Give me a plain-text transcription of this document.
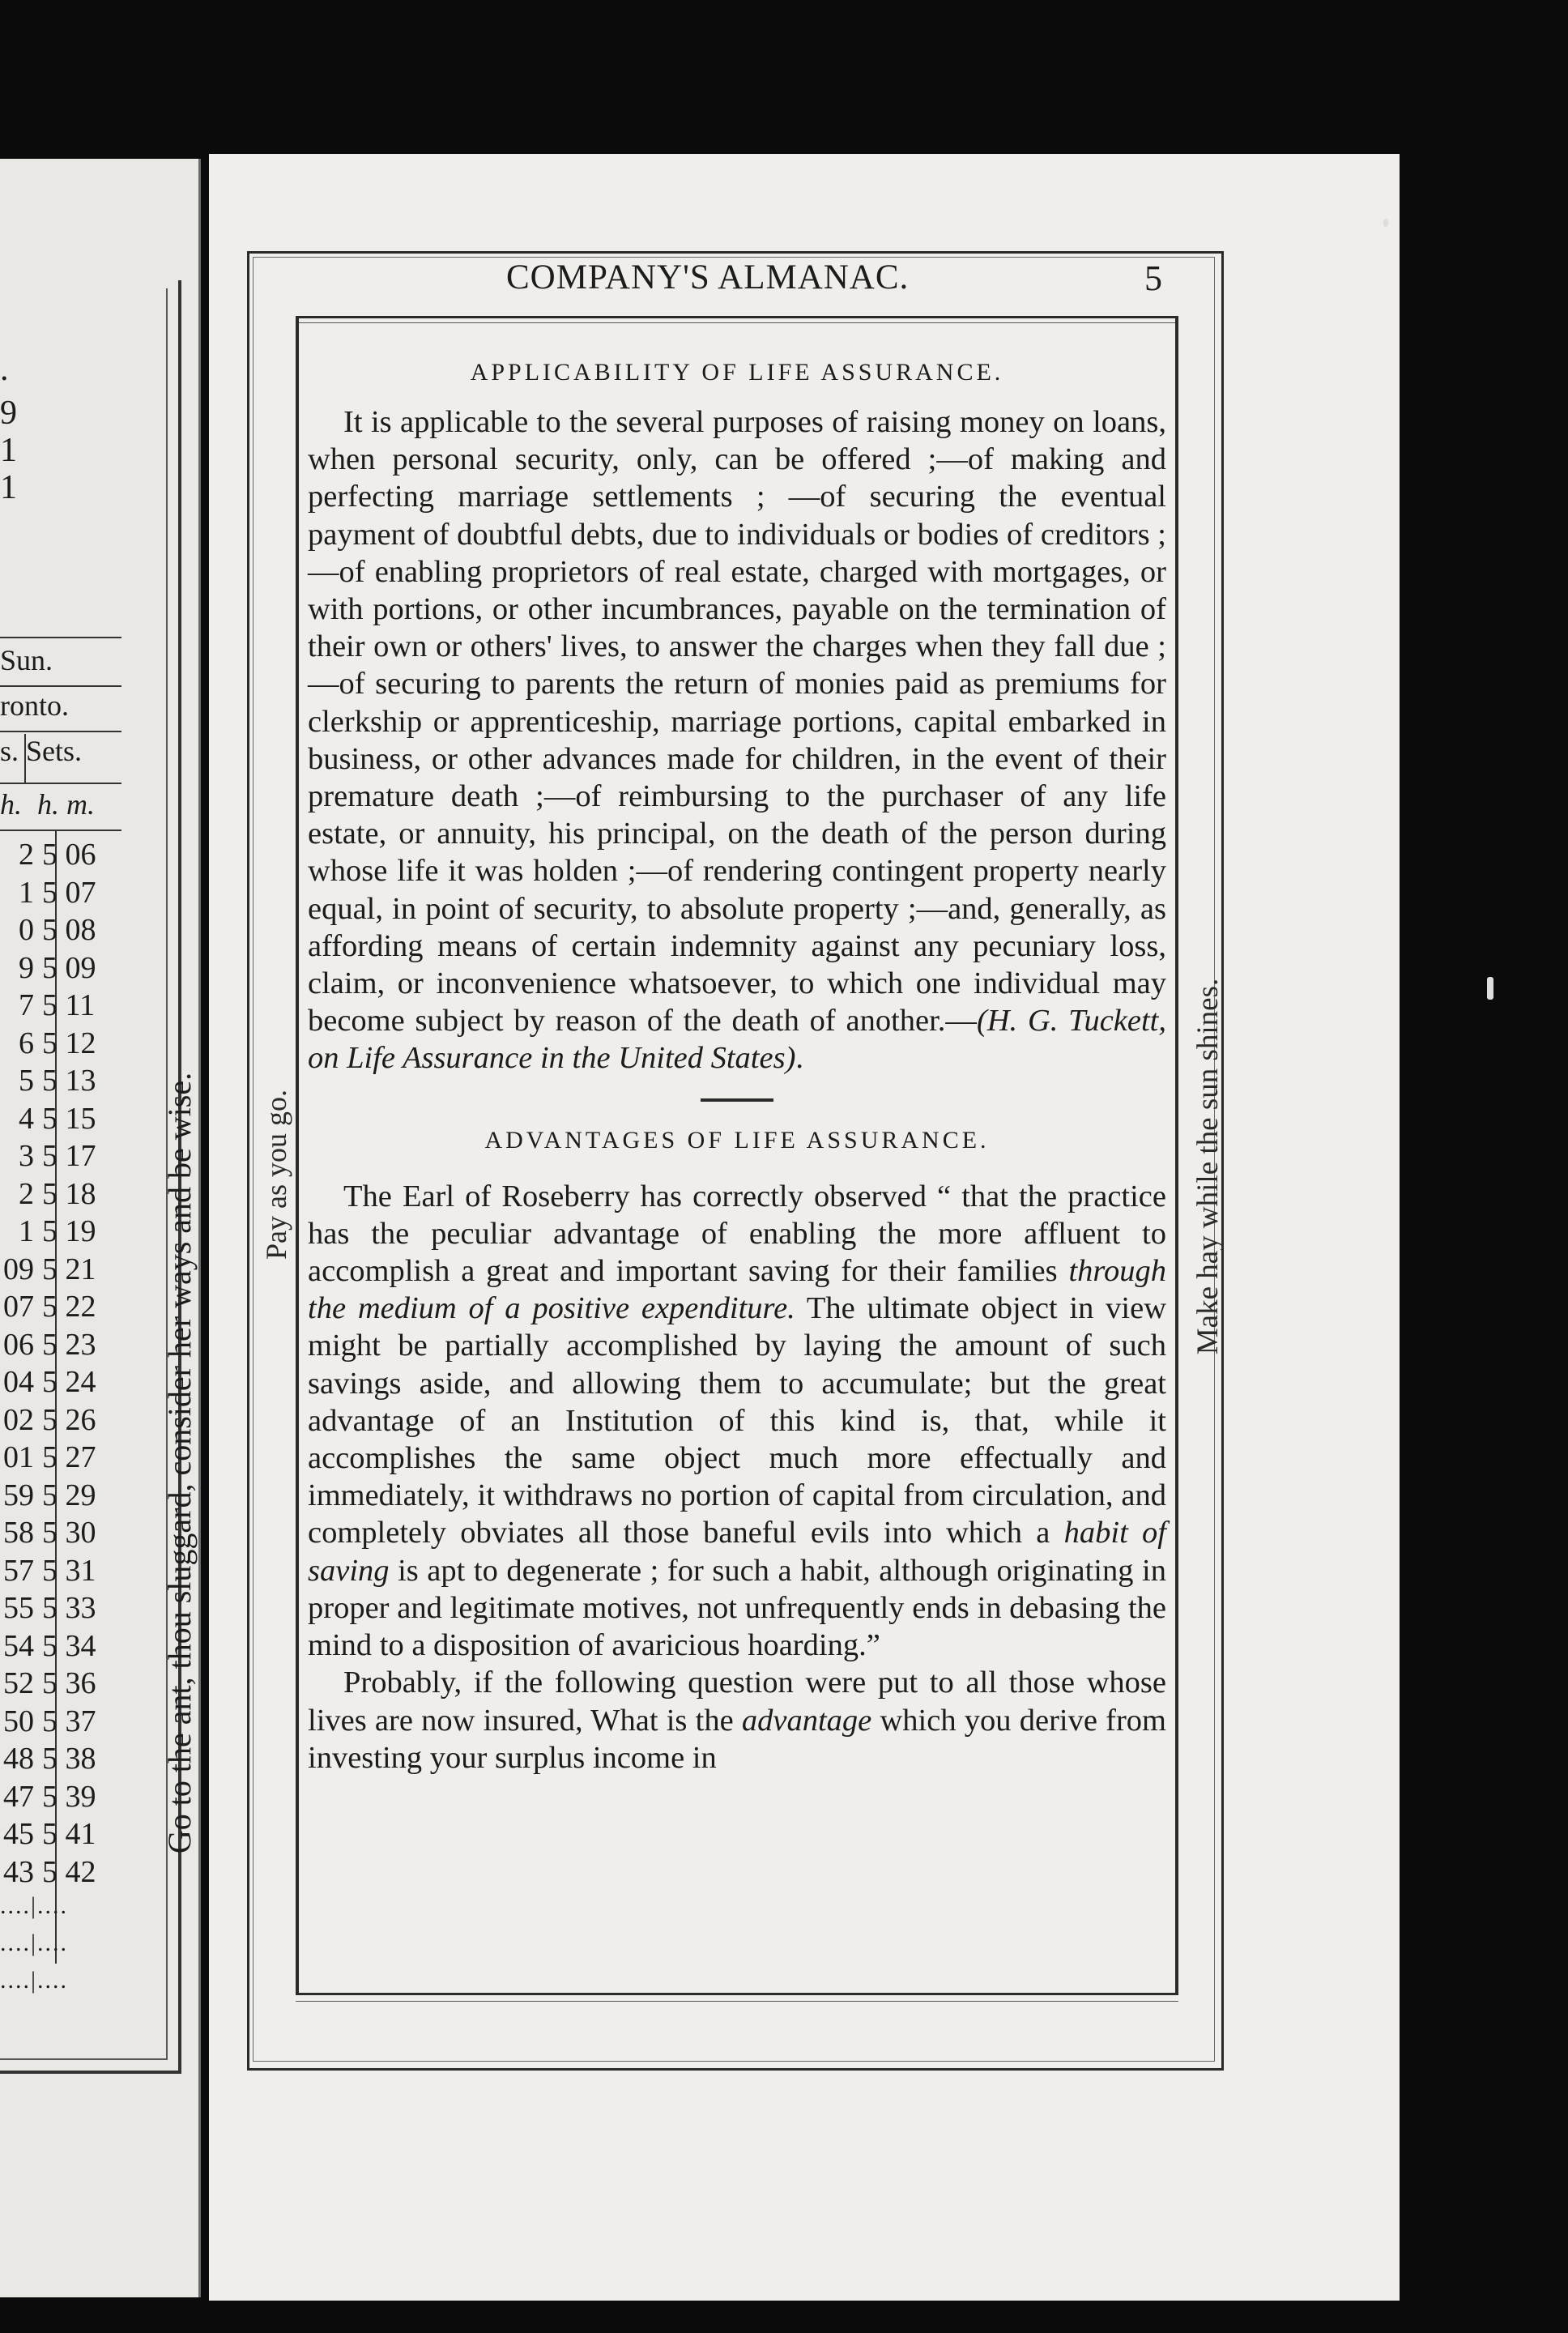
.
9
1
1
Sun.
ronto.
s. Sets.
h. h. m.
2 5 06
1 5 07
0 5 08
9 5 09
7 5 11
6 5 12
5 5 13
4 5 15
3 5 17
2 5 18
1 5 19
09 5 21
07 5 22
06 5 23
04 5 24
02 5 26
01 5 27
59 5 29
58 5 30
57 5 31
55 5 33
54 5 34
52 5 36
50 5 37
48 5 38
47 5 39
45 5 41
43 5 42
....|....
....|....
....|....
Go to the ant, thou sluggard, consider her ways and be wise.
COMPANY'S ALMANAC.	5
Pay as you go.	Make hay while the sun shines.
APPLICABILITY OF LIFE ASSURANCE.

It is applicable to the several purposes of raising money on loans, when personal security, only, can be offered ;—of making and perfecting marriage settlements ; —of securing the eventual payment of doubtful debts, due to individuals or bodies of creditors ;—of enabling proprietors of real estate, charged with mortgages, or with portions, or other incumbrances, payable on the termination of their own or others' lives, to answer the charges when they fall due ;—of securing to parents the return of monies paid as premiums for clerkship or apprenticeship, marriage portions, capital embarked in business, or other advances made for children, in the event of their premature death ;—of reimbursing to the purchaser of any life estate, or annuity, his principal, on the death of the person during whose life it was holden ;—of rendering contingent property nearly equal, in point of security, to absolute property ;—and, generally, as affording means of certain indemnity against any pecuniary loss, claim, or inconvenience whatsoever, to which one individual may become subject by reason of the death of another.—(H. G. Tuckett, on Life Assurance in the United States).

ADVANTAGES OF LIFE ASSURANCE.

The Earl of Roseberry has correctly observed “ that the practice has the peculiar advantage of enabling the more affluent to accomplish a great and important saving for their families through the medium of a positive expenditure. The ultimate object in view might be partially accomplished by laying the amount of such savings aside, and allowing them to accumulate; but the great advantage of an Institution of this kind is, that, while it accomplishes the same object much more effectually and immediately, it withdraws no portion of capital from circulation, and completely obviates all those baneful evils into which a habit of saving is apt to degenerate ; for such a habit, although originating in proper and legitimate motives, not unfrequently ends in debasing the mind to a disposition of avaricious hoarding.”

Probably, if the following question were put to all those whose lives are now insured, What is the advantage which you derive from investing your surplus income in
